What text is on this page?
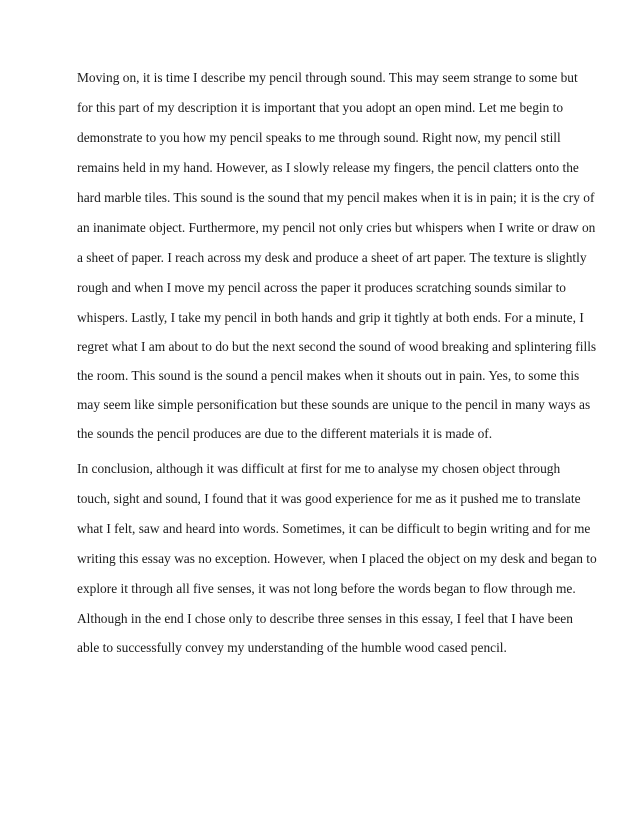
Moving on, it is time I describe my pencil through sound. This may seem strange to some but
for this part of my description it is important that you adopt an open mind. Let me begin to
demonstrate to you how my pencil speaks to me through sound. Right now, my pencil still
remains held in my hand. However, as I slowly release my fingers, the pencil clatters onto the
hard marble tiles. This sound is the sound that my pencil makes when it is in pain; it is the cry of
an inanimate object. Furthermore, my pencil not only cries but whispers when I write or draw on
a sheet of paper. I reach across my desk and produce a sheet of art paper. The texture is slightly
rough and when I move my pencil across the paper it produces scratching sounds similar to
whispers. Lastly, I take my pencil in both hands and grip it tightly at both ends. For a minute, I
regret what I am about to do but the next second the sound of wood breaking and splintering fills
the room. This sound is the sound a pencil makes when it shouts out in pain. Yes, to some this
may seem like simple personification but these sounds are unique to the pencil in many ways as
the sounds the pencil produces are due to the different materials it is made of.
In conclusion, although it was difficult at first for me to analyse my chosen object through
touch, sight and sound, I found that it was good experience for me as it pushed me to translate
what I felt, saw and heard into words. Sometimes, it can be difficult to begin writing and for me
writing this essay was no exception. However, when I placed the object on my desk and began to
explore it through all five senses, it was not long before the words began to flow through me.
Although in the end I chose only to describe three senses in this essay, I feel that I have been
able to successfully convey my understanding of the humble wood cased pencil.
